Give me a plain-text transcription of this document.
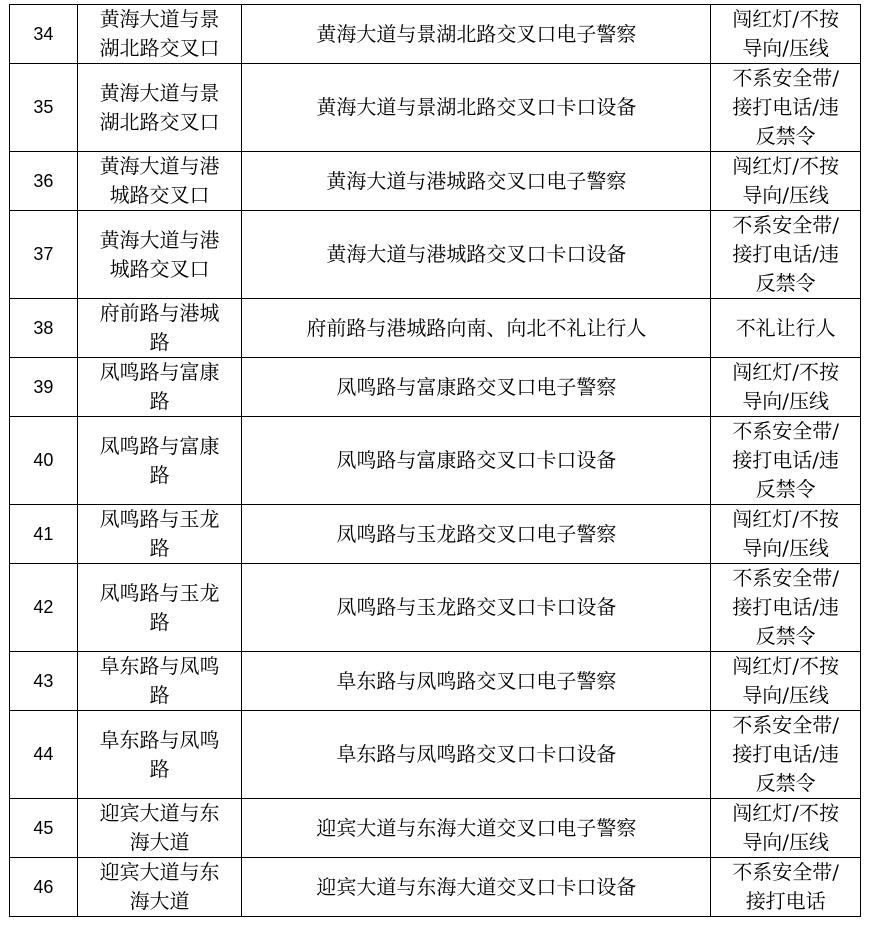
34	黄海大道与景湖北路交叉口	黄海大道与景湖北路交叉口电子警察	闯红灯/不按导向/压线
35	黄海大道与景湖北路交叉口	黄海大道与景湖北路交叉口卡口设备	不系安全带/接打电话/违反禁令
36	黄海大道与港城路交叉口	黄海大道与港城路交叉口电子警察	闯红灯/不按导向/压线
37	黄海大道与港城路交叉口	黄海大道与港城路交叉口卡口设备	不系安全带/接打电话/违反禁令
38	府前路与港城路	府前路与港城路向南、向北不礼让行人	不礼让行人
39	凤鸣路与富康路	凤鸣路与富康路交叉口电子警察	闯红灯/不按导向/压线
40	凤鸣路与富康路	凤鸣路与富康路交叉口卡口设备	不系安全带/接打电话/违反禁令
41	凤鸣路与玉龙路	凤鸣路与玉龙路交叉口电子警察	闯红灯/不按导向/压线
42	凤鸣路与玉龙路	凤鸣路与玉龙路交叉口卡口设备	不系安全带/接打电话/违反禁令
43	阜东路与凤鸣路	阜东路与凤鸣路交叉口电子警察	闯红灯/不按导向/压线
44	阜东路与凤鸣路	阜东路与凤鸣路交叉口卡口设备	不系安全带/接打电话/违反禁令
45	迎宾大道与东海大道	迎宾大道与东海大道交叉口电子警察	闯红灯/不按导向/压线
46	迎宾大道与东海大道	迎宾大道与东海大道交叉口卡口设备	不系安全带/接打电话
